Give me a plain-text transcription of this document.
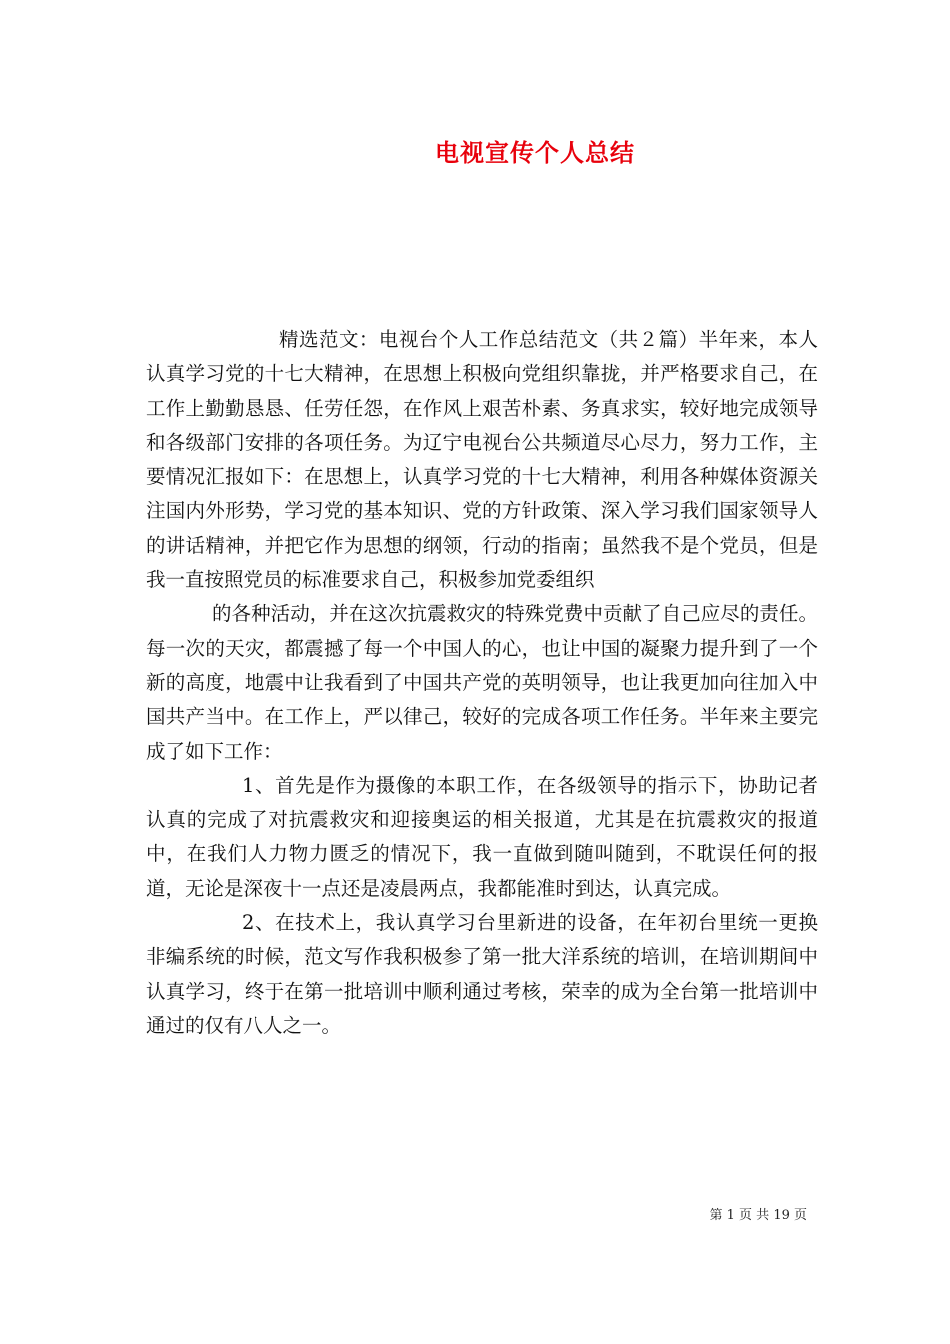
电视宣传个人总结

精选范文：电视台个人工作总结范文（共２篇）半年来，本人认真学习党的十七大精神，在思想上积极向党组织靠拢，并严格要求自己，在工作上勤勤恳恳、任劳任怨，在作风上艰苦朴素、务真求实，较好地完成领导和各级部门安排的各项任务。为辽宁电视台公共频道尽心尽力，努力工作，主要情况汇报如下：在思想上，认真学习党的十七大精神，利用各种媒体资源关注国内外形势，学习党的基本知识、党的方针政策、深入学习我们国家领导人的讲话精神，并把它作为思想的纲领，行动的指南；虽然我不是个党员，但是我一直按照党员的标准要求自己，积极参加党委组织

的各种活动，并在这次抗震救灾的特殊党费中贡献了自己应尽的责任。每一次的天灾，都震撼了每一个中国人的心，也让中国的凝聚力提升到了一个新的高度，地震中让我看到了中国共产党的英明领导，也让我更加向往加入中国共产当中。在工作上，严以律己，较好的完成各项工作任务。半年来主要完成了如下工作：

1、首先是作为摄像的本职工作，在各级领导的指示下，协助记者认真的完成了对抗震救灾和迎接奥运的相关报道，尤其是在抗震救灾的报道中，在我们人力物力匮乏的情况下，我一直做到随叫随到，不耽误任何的报道，无论是深夜十一点还是凌晨两点，我都能准时到达，认真完成。

2、在技术上，我认真学习台里新进的设备，在年初台里统一更换非编系统的时候，范文写作我积极参了第一批大洋系统的培训，在培训期间中认真学习，终于在第一批培训中顺利通过考核，荣幸的成为全台第一批培训中通过的仅有八人之一。

第 1 页 共 19 页
